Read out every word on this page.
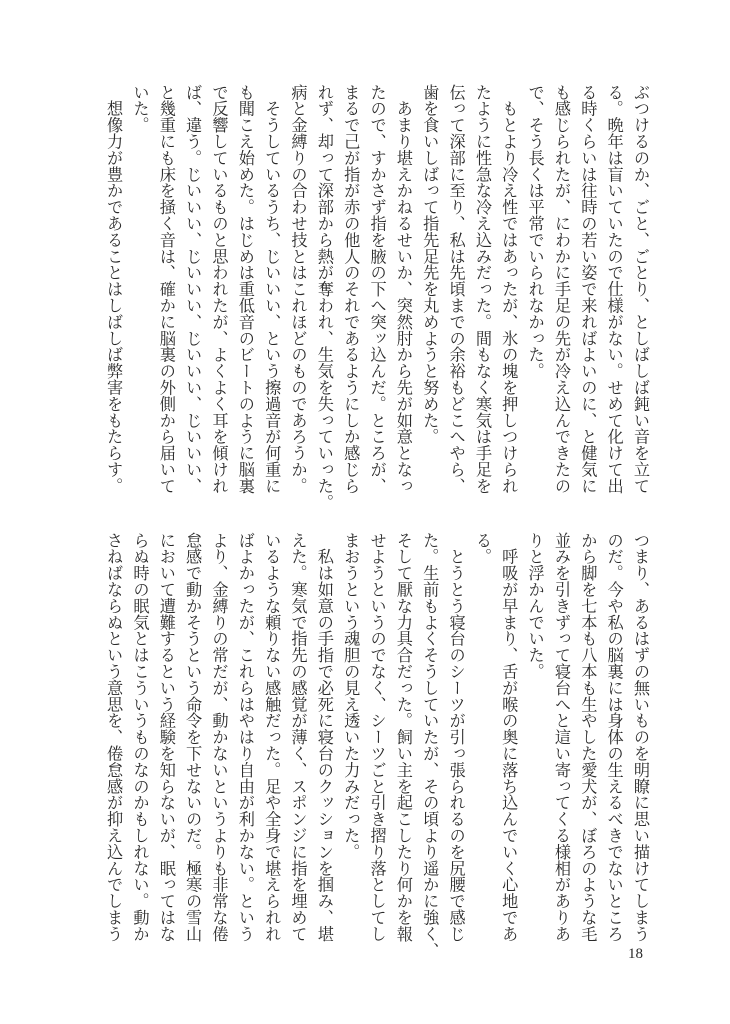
ぶつけるのか、ごと、ごとり、としばしば鈍い音を立て
る。晩年は盲いていたので仕様がない。せめて化けて出
る時くらいは往時の若い姿で来ればよいのに、と健気に
も感じられたが、にわかに手足の先が冷え込んできたの
で、そう長くは平常でいられなかった。
　もとより冷え性ではあったが、氷の塊を押しつけられ
たように性急な冷え込みだった。間もなく寒気は手足を
伝って深部に至り、私は先頃までの余裕もどこへやら、
歯を食いしばって指先足先を丸めようと努めた。
　あまり堪えかねるせいか、突然肘から先が如意となっ
たので、すかさず指を腋の下へ突ッ込んだ。ところが、
まるで己が指が赤の他人のそれであるようにしか感じら
れず、却って深部から熱が奪われ、生気を失っていった。
病と金縛りの合わせ技とはこれほどのものであろうか。
　そうしているうち、じいいい、という擦過音が何重に
も聞こえ始めた。はじめは重低音のビートのように脳裏
で反響しているものと思われたが、よくよく耳を傾けれ
ば、違う。じいいい、じいいい、じいいい、じいいい、
と幾重にも床を掻く音は、確かに脳裏の外側から届いて
いた。
　想像力が豊かであることはしばしば弊害をもたらす。
つまり、あるはずの無いものを明瞭に思い描けてしまう
のだ。今や私の脳裏には身体の生えるべきでないところ
から脚を七本も八本も生やした愛犬が、ぼろのような毛
並みを引きずって寝台へと這い寄ってくる様相がありあ
りと浮かんでいた。
　呼吸が早まり、舌が喉の奥に落ち込んでいく心地であ
る。
　とうとう寝台のシーツが引っ張られるのを尻腰で感じ
た。生前もよくそうしていたが、その頃より遥かに強く、
そして厭な力具合だった。飼い主を起こしたり何かを報
せようというのでなく、シーツごと引き摺り落としてし
まおうという魂胆の見え透いた力みだった。
　私は如意の手指で必死に寝台のクッションを掴み、堪
えた。寒気で指先の感覚が薄く、スポンジに指を埋めて
いるような頼りない感触だった。足や全身で堪えられれ
ばよかったが、これらはやはり自由が利かない。という
より、金縛りの常だが、動かないというよりも非常な倦
怠感で動かそうという命令を下せないのだ。極寒の雪山
において遭難するという経験を知らないが、眠ってはな
らぬ時の眠気とはこういうものなのかもしれない。動か
さねばならぬという意思を、倦怠感が抑え込んでしまう
18
